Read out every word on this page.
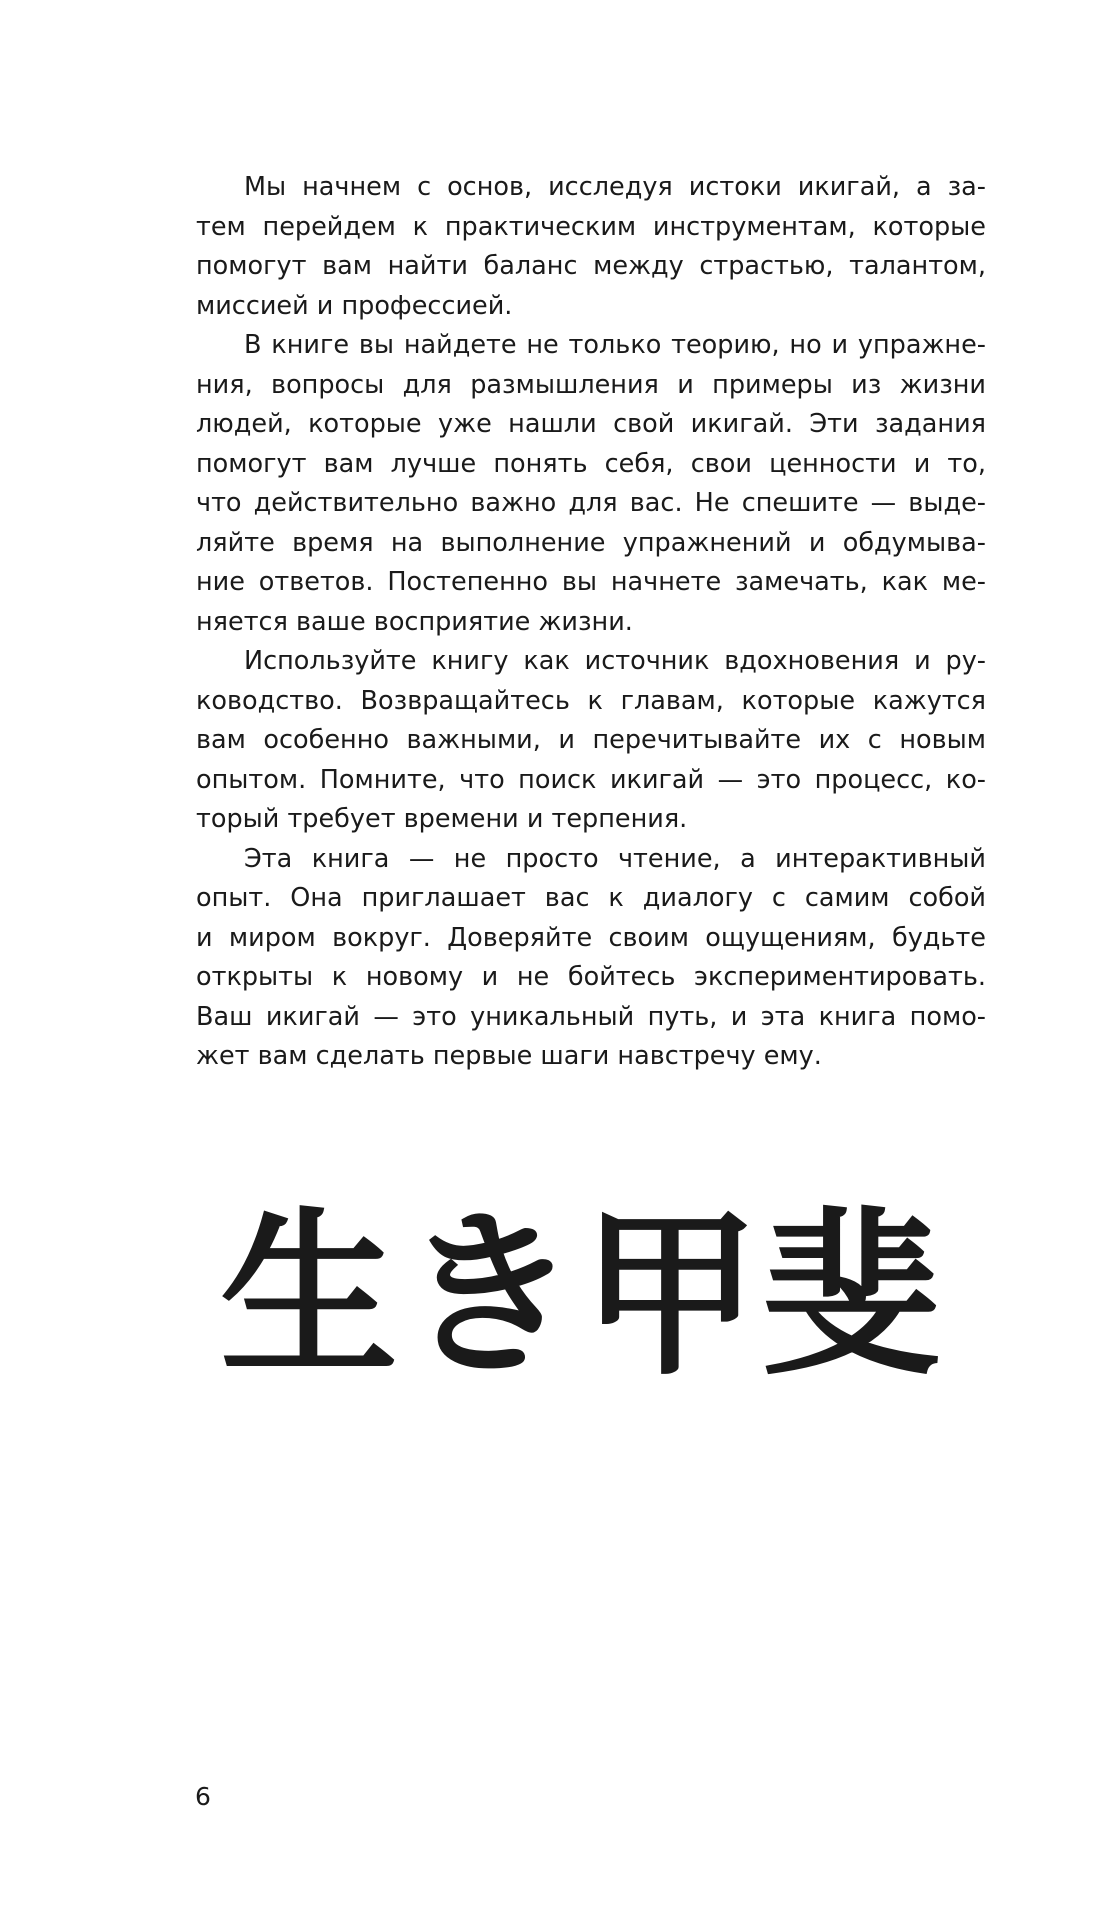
Мы начнем с основ, исследуя истоки икигай, а за-
тем перейдем к практическим инструментам, которые
помогут вам найти баланс между страстью, талантом,
миссией и профессией.
В книге вы найдете не только теорию, но и упражне-
ния, вопросы для размышления и примеры из жизни
людей, которые уже нашли свой икигай. Эти задания
помогут вам лучше понять себя, свои ценности и то,
что действительно важно для вас. Не спешите — выде-
ляйте время на выполнение упражнений и обдумыва-
ние ответов. Постепенно вы начнете замечать, как ме-
няется ваше восприятие жизни.
Используйте книгу как источник вдохновения и ру-
ководство. Возвращайтесь к главам, которые кажутся
вам особенно важными, и перечитывайте их с новым
опытом. Помните, что поиск икигай — это процесс, ко-
торый требует времени и терпения.
Эта книга — не просто чтение, а интерактивный
опыт. Она приглашает вас к диалогу с самим собой
и миром вокруг. Доверяйте своим ощущениям, будьте
открыты к новому и не бойтесь экспериментировать.
Ваш икигай — это уникальный путь, и эта книга помо-
жет вам сделать первые шаги навстречу ему.
生 き 甲 斐
6
